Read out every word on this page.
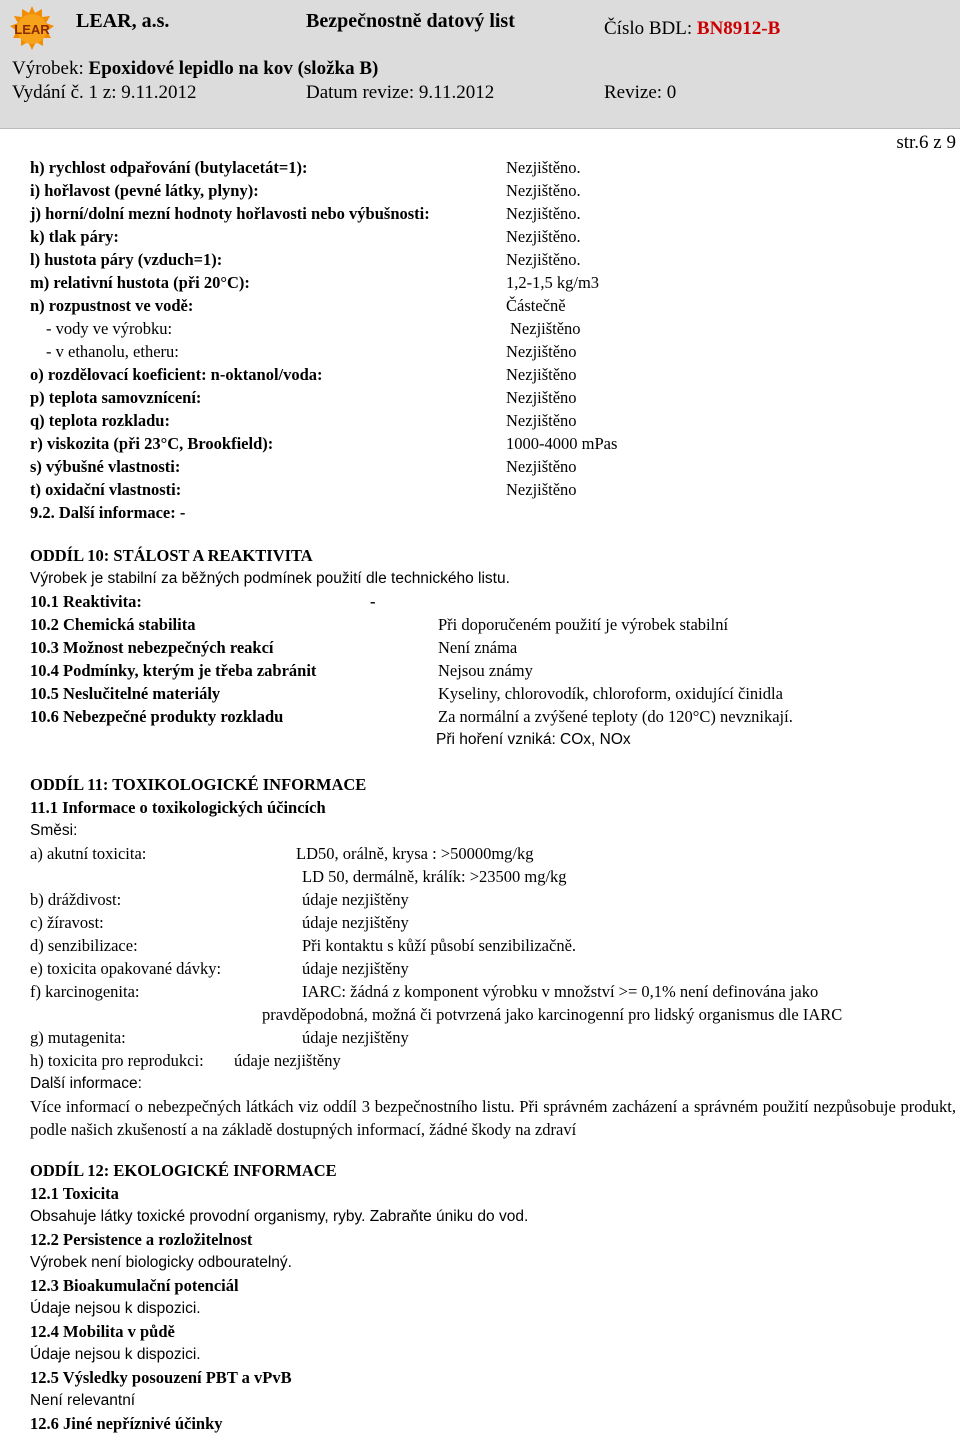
LEAR LEAR, a.s.	Bezpečnostně datový list	Číslo BDL: BN8912-B
Výrobek: Epoxidové lepidlo na kov (složka B)
Vydání č. 1 z: 9.11.2012	Datum revize: 9.11.2012	Revize: 0
str.6 z 9
h) rychlost odpařování (butylacetát=1):	Nezjištěno.
i) hořlavost (pevné látky, plyny):	Nezjištěno.
j) horní/dolní mezní hodnoty hořlavosti nebo výbušnosti:	Nezjištěno.
k) tlak páry:	Nezjištěno.
l) hustota páry (vzduch=1):	Nezjištěno.
m) relativní hustota (při 20°C):	1,2-1,5 kg/m3
n) rozpustnost ve vodě:	Částečně
- vody ve výrobku:	Nezjištěno
- v ethanolu, etheru:	Nezjištěno
o) rozdělovací koeficient: n-oktanol/voda:	Nezjištěno
p) teplota samovznícení:	Nezjištěno
q) teplota rozkladu:	Nezjištěno
r) viskozita (při 23°C, Brookfield):	1000-4000 mPas
s) výbušné vlastnosti:	Nezjištěno
t) oxidační vlastnosti:	Nezjištěno
9.2. Další informace: -
ODDÍL 10: STÁLOST A REAKTIVITA
Výrobek je stabilní za běžných podmínek použití dle technického listu.
10.1 Reaktivita:	-
10.2 Chemická stabilita	Při doporučeném použití je výrobek stabilní
10.3 Možnost nebezpečných reakcí	Není známa
10.4 Podmínky, kterým je třeba zabránit	Nejsou známy
10.5 Neslučitelné materiály	Kyseliny, chlorovodík, chloroform, oxidující činidla
10.6 Nebezpečné produkty rozkladu	Za normální a zvýšené teploty (do 120°C) nevznikají.
Při hoření vzniká: COx, NOx
ODDÍL 11: TOXIKOLOGICKÉ INFORMACE
11.1 Informace o toxikologických účincích
Směsi:
a) akutní toxicita:	LD50, orálně, krysa : >50000mg/kg
LD 50, dermálně, králík: >23500 mg/kg
b) dráždivost:	údaje nezjištěny
c) žíravost:	údaje nezjištěny
d) senzibilizace:	Při kontaktu s kůží působí senzibilizačně.
e) toxicita opakované dávky:	údaje nezjištěny
f) karcinogenita:	IARC: žádná z komponent výrobku v množství >= 0,1% není definována jako
pravděpodobná, možná či potvrzená jako karcinogenní pro lidský organismus dle IARC
g) mutagenita:	údaje nezjištěny
h) toxicita pro reprodukci: údaje nezjištěny
Další informace:
Více informací o nebezpečných látkách viz oddíl 3 bezpečnostního listu. Při správném zacházení a správném použití nezpůsobuje produkt, podle našich zkušeností a na základě dostupných informací, žádné škody na zdraví
ODDÍL 12: EKOLOGICKÉ INFORMACE
12.1 Toxicita
Obsahuje látky toxické provodní organismy, ryby. Zabraňte úniku do vod.
12.2 Persistence a rozložitelnost
Výrobek není biologicky odbouratelný.
12.3 Bioakumulační potenciál
Údaje nejsou k dispozici.
12.4 Mobilita v půdě
Údaje nejsou k dispozici.
12.5 Výsledky posouzení PBT a vPvB
Není relevantní
12.6 Jiné nepříznivé účinky
